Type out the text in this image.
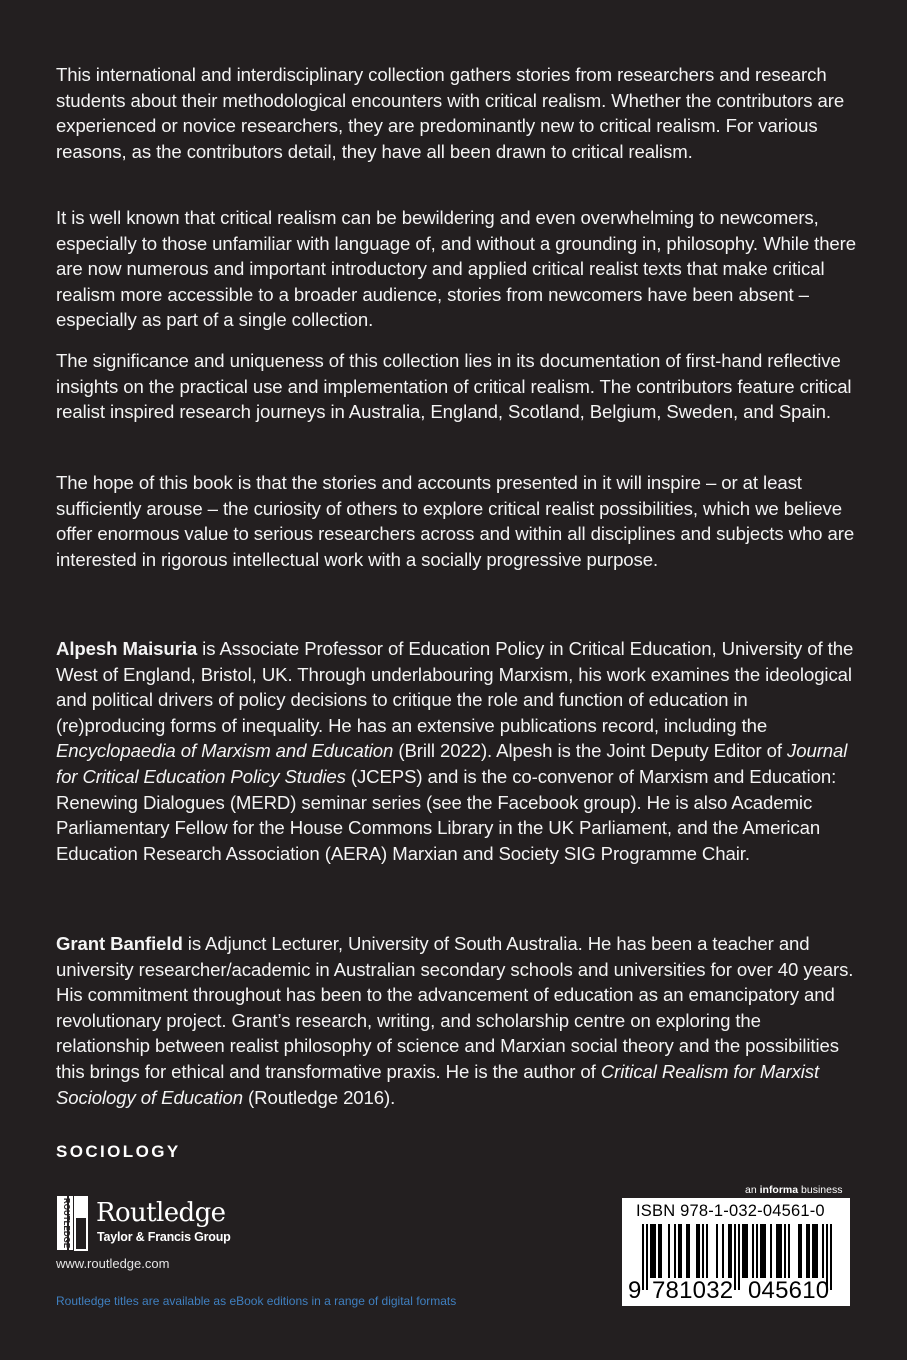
This international and interdisciplinary collection gathers stories from researchers and research students about their methodological encounters with critical realism. Whether the contributors are experienced or novice researchers, they are predominantly new to critical realism. For various reasons, as the contributors detail, they have all been drawn to critical realism.

It is well known that critical realism can be bewildering and even overwhelming to newcomers, especially to those unfamiliar with language of, and without a grounding in, philosophy. While there are now numerous and important introductory and applied critical realist texts that make critical realism more accessible to a broader audience, stories from newcomers have been absent – especially as part of a single collection.

The significance and uniqueness of this collection lies in its documentation of first-hand reflective insights on the practical use and implementation of critical realism. The contributors feature critical realist inspired research journeys in Australia, England, Scotland, Belgium, Sweden, and Spain.

The hope of this book is that the stories and accounts presented in it will inspire – or at least sufficiently arouse – the curiosity of others to explore critical realist possibilities, which we believe offer enormous value to serious researchers across and within all disciplines and subjects who are interested in rigorous intellectual work with a socially progressive purpose.

Alpesh Maisuria is Associate Professor of Education Policy in Critical Education, University of the West of England, Bristol, UK. Through underlabouring Marxism, his work examines the ideological and political drivers of policy decisions to critique the role and function of education in (re)producing forms of inequality. He has an extensive publications record, including the Encyclopaedia of Marxism and Education (Brill 2022). Alpesh is the Joint Deputy Editor of Journal for Critical Education Policy Studies (JCEPS) and is the co-convenor of Marxism and Education: Renewing Dialogues (MERD) seminar series (see the Facebook group). He is also Academic Parliamentary Fellow for the House Commons Library in the UK Parliament, and the American Education Research Association (AERA) Marxian and Society SIG Programme Chair.

Grant Banfield is Adjunct Lecturer, University of South Australia. He has been a teacher and university researcher/academic in Australian secondary schools and universities for over 40 years. His commitment throughout has been to the advancement of education as an emancipatory and revolutionary project. Grant’s research, writing, and scholarship centre on exploring the relationship between realist philosophy of science and Marxian social theory and the possibilities this brings for ethical and transformative praxis. He is the author of Critical Realism for Marxist Sociology of Education (Routledge 2016).

SOCIOLOGY
ROUTLEDGE Routledge
Taylor & Francis Group
www.routledge.com
Routledge titles are available as eBook editions in a range of digital formats
an informa business
ISBN 978-1-032-04561-0
9 781032 045610
